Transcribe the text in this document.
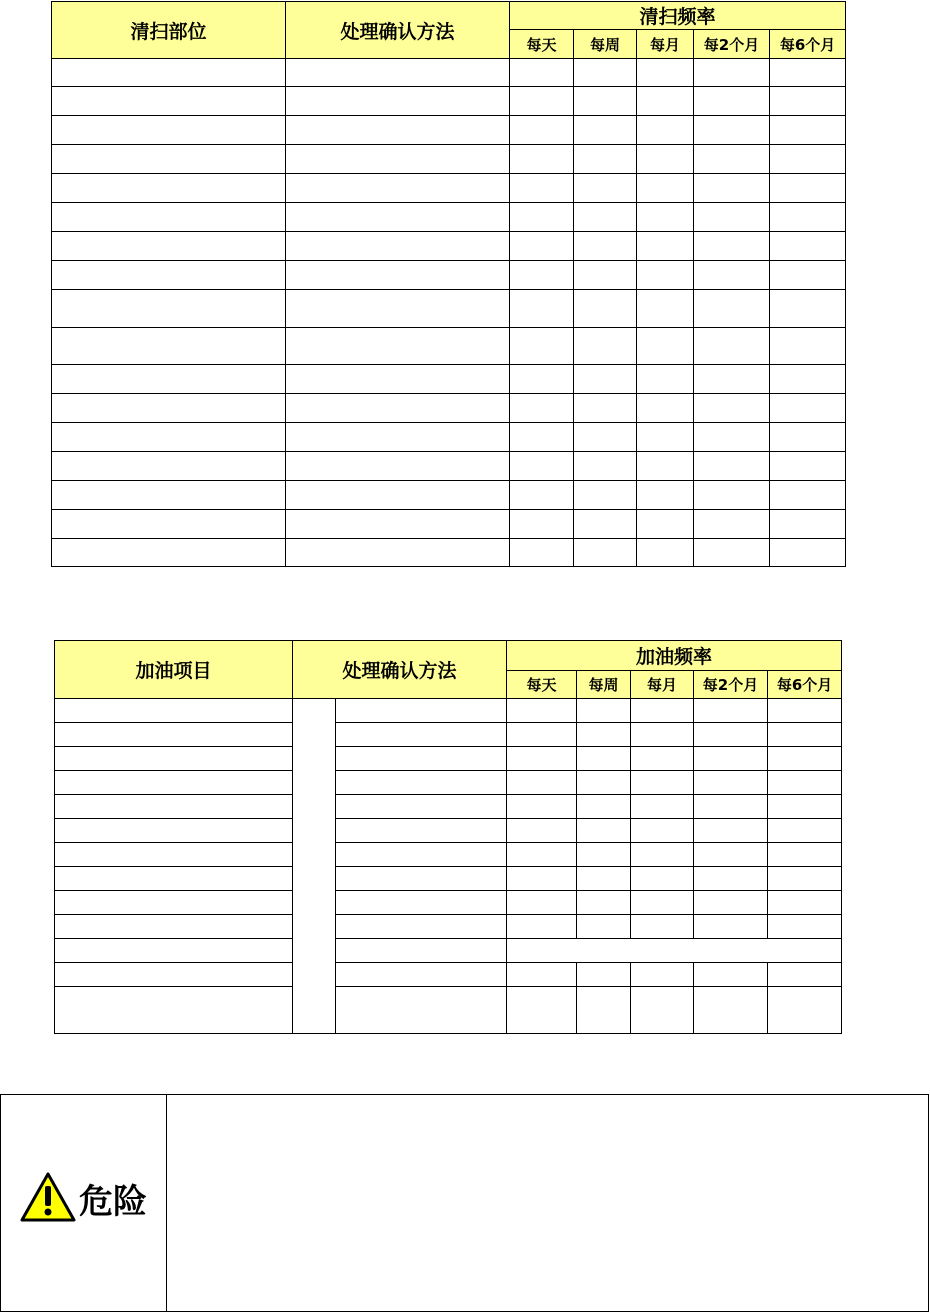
清扫部位	处理确认方法	清扫频率				
		每天	每周	每月	每2个月	每6个月

加油项目	处理确认方法		加油频率				
			每天	每周	每月	每2个月	每6个月

危险
